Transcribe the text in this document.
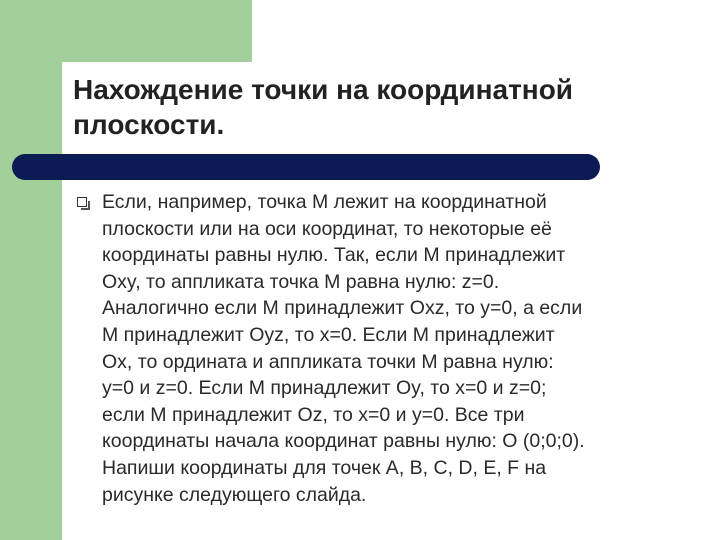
Нахождение точки на координатной
плоскости.

Если, например, точка М лежит на координатной
плоскости или на оси координат, то некоторые её
координаты равны нулю. Так, если М принадлежит
Oxy, то аппликата точка М равна нулю: z=0.
Аналогично если М принадлежит Oxz, то y=0, а если
М принадлежит Oyz, то x=0. Если М принадлежит
Ox, то ордината и аппликата точки М равна нулю:
y=0 и z=0. Если М принадлежит Oy, то x=0 и z=0;
если М принадлежит Oz, то x=0 и y=0. Все три
координаты начала координат равны нулю: O (0;0;0).
Напиши координаты для точек A, B, C, D, E, F на
рисунке следующего слайда.
